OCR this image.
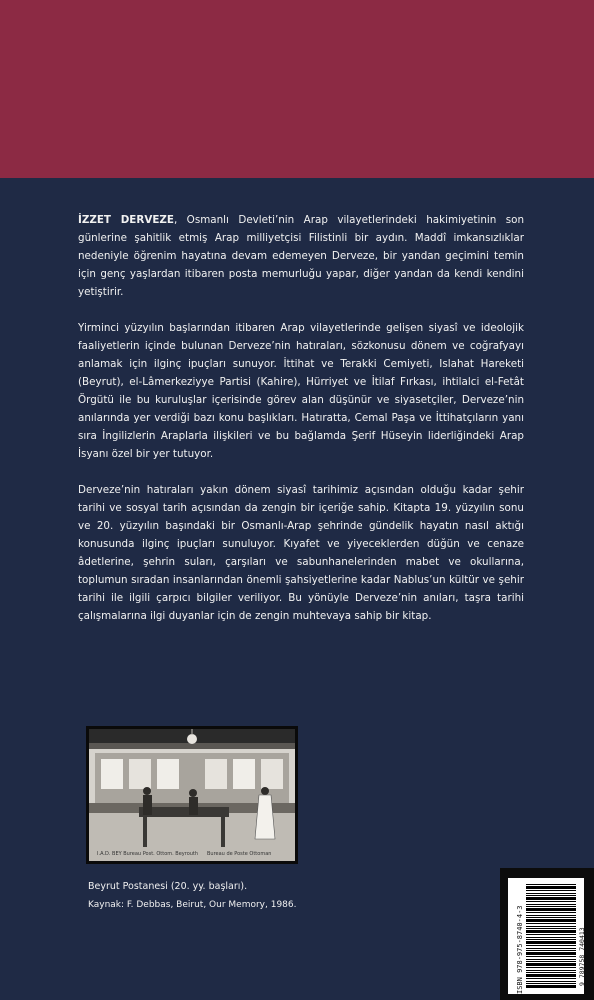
İZZET DERVEZE, Osmanlı Devleti’nin Arap vilayetlerindeki hakimiyetinin son günlerine şahitlik etmiş Arap milliyetçisi Filistinli bir aydın. Maddî imkansızlıklar nedeniyle öğrenim hayatına devam edemeyen Derveze, bir yandan geçimini temin için genç yaşlardan itibaren posta memurluğu yapar, diğer yandan da kendi kendini yetiştirir.

Yirminci yüzyılın başlarından itibaren Arap vilayetlerinde gelişen siyasî ve ideolojik faaliyetlerin içinde bulunan Derveze’nin hatıraları, sözkonusu dönem ve coğrafyayı anlamak için ilginç ipuçları sunuyor. İttihat ve Terakki Cemiyeti, Islahat Hareketi (Beyrut), el-Lâmerkeziyye Partisi (Kahire), Hürriyet ve İtilaf Fırkası, ihtilalci el-Fetât Örgütü ile bu kuruluşlar içerisinde görev alan düşünür ve siyasetçiler, Derveze’nin anılarında yer verdiği bazı konu başlıkları. Hatıratta, Cemal Paşa ve İttihatçıların yanı sıra İngilizlerin Araplarla ilişkileri ve bu bağlamda Şerif Hüseyin liderliğindeki Arap İsyanı özel bir yer tutuyor.

Derveze’nin hatıraları yakın dönem siyasî tarihimiz açısından olduğu kadar şehir tarihi ve sosyal tarih açısından da zengin bir içeriğe sahip. Kitapta 19. yüzyılın sonu ve 20. yüzyılın başındaki bir Osmanlı-Arap şehrinde gündelik hayatın nasıl aktığı konusunda ilginç ipuçları sunuluyor. Kıyafet ve yiyeceklerden düğün ve cenaze âdetlerine, şehrin suları, çarşıları ve sabunhanelerinden mabet ve okullarına, toplumun sıradan insanlarından önemli şahsiyetlerine kadar Nablus’un kültür ve şehir tarihi ile ilgili çarpıcı bilgiler veriliyor. Bu yönüyle Derveze’nin anıları, taşra tarihi çalışmalarına ilgi duyanlar için de zengin muhtevaya sahip bir kitap.

I.A.D. BEY Bureau Post. Ottom. Beyrouth Bureau de Poste Ottoman
Beyrut Postanesi (20. yy. başları).
Kaynak: F. Debbas, Beirut, Our Memory, 1986.
ISBN 978-975-8740-4-3	9 789758 740413
